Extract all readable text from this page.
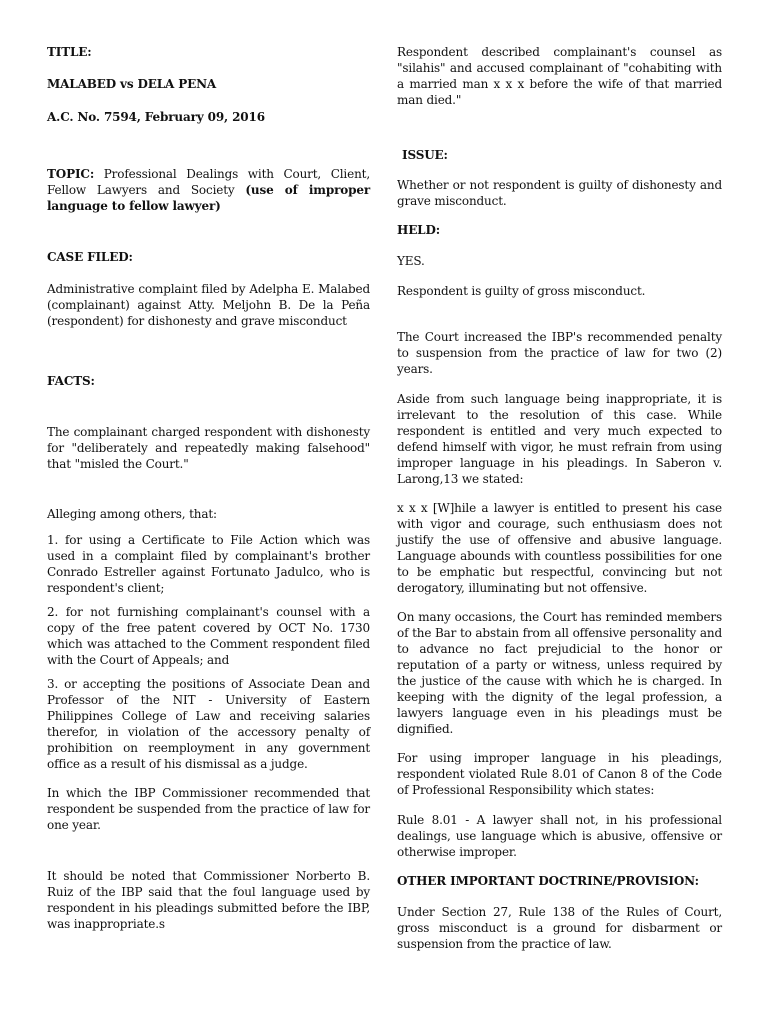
TITLE:

MALABED vs DELA PENA

A.C. No. 7594, February 09, 2016

TOPIC: Professional Dealings with Court, Client, Fellow Lawyers and Society (use of improper language to fellow lawyer)

CASE FILED:

Administrative complaint filed by Adelpha E. Malabed (complainant) against Atty. Meljohn B. De la Peña (respondent) for dishonesty and grave misconduct

FACTS:

The complainant charged respondent with dishonesty for "deliberately and repeatedly making falsehood" that "misled the Court."

Alleging among others, that:

1. for using a Certificate to File Action which was used in a complaint filed by complainant's brother Conrado Estreller against Fortunato Jadulco, who is respondent's client;

2. for not furnishing complainant's counsel with a copy of the free patent covered by OCT No. 1730 which was attached to the Comment respondent filed with the Court of Appeals; and

3. or accepting the positions of Associate Dean and Professor of the NIT - University of Eastern Philippines College of Law and receiving salaries therefor, in violation of the accessory penalty of prohibition on reemployment in any government office as a result of his dismissal as a judge.

In which the IBP Commissioner recommended that respondent be suspended from the practice of law for one year.

It should be noted that Commissioner Norberto B. Ruiz of the IBP said that the foul language used by respondent in his pleadings submitted before the IBP, was inappropriate.s

Respondent described complainant's counsel as "silahis" and accused complainant of "cohabiting with a married man x x x before the wife of that married man died."

ISSUE:

Whether or not respondent is guilty of dishonesty and grave misconduct.

HELD:

YES.

Respondent is guilty of gross misconduct.

The Court increased the IBP's recommended penalty to suspension from the practice of law for two (2) years.

Aside from such language being inappropriate, it is irrelevant to the resolution of this case. While respondent is entitled and very much expected to defend himself with vigor, he must refrain from using improper language in his pleadings. In Saberon v. Larong,13 we stated:

x x x [W]hile a lawyer is entitled to present his case with vigor and courage, such enthusiasm does not justify the use of offensive and abusive language. Language abounds with countless possibilities for one to be emphatic but respectful, convincing but not derogatory, illuminating but not offensive.

On many occasions, the Court has reminded members of the Bar to abstain from all offensive personality and to advance no fact prejudicial to the honor or reputation of a party or witness, unless required by the justice of the cause with which he is charged. In keeping with the dignity of the legal profession, a lawyers language even in his pleadings must be dignified.

For using improper language in his pleadings, respondent violated Rule 8.01 of Canon 8 of the Code of Professional Responsibility which states:

Rule 8.01 - A lawyer shall not, in his professional dealings, use language which is abusive, offensive or otherwise improper.

OTHER IMPORTANT DOCTRINE/PROVISION:

Under Section 27, Rule 138 of the Rules of Court, gross misconduct is a ground for disbarment or suspension from the practice of law.
